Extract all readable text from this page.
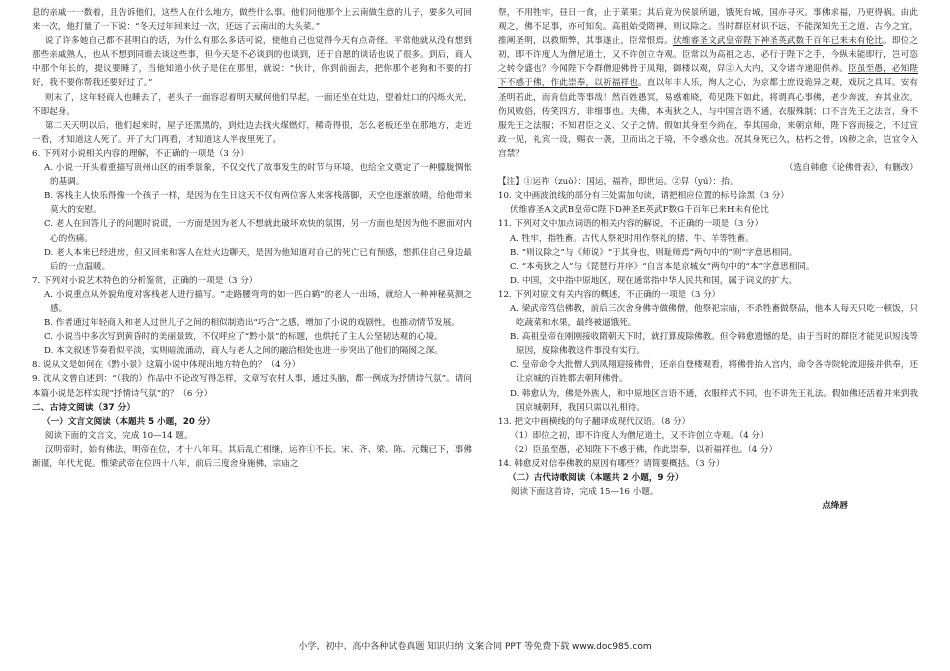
息的亲戚一一数着，且告诉他们，这些人在什么地方，做些什么事。他们问他那个上云南做生意的儿子，要多久可回来一次，他打量了一下说：“冬天过年回来过一次，还远了云南出的大头菜。”

说了许多她自己都不甚明白的话，为什么有那么多话可说，使他自己也觉得今天有点奇怪。平常他就从没有想到那些亲戚熟人，也从不想到同谁去谈这些事，但今天是不必谈到的也谈到，还于自愿的谈话也说了很多。到后，商人中那个年长的，提议要睡了，当他知道小伙子是住在那里，就说：“伙计，你到前面去，把你那个老狗和不要的打好，我不要你帮我还要好过了。”

则末了，这年轻商人也睡去了，老头子一面容忍着明天赋何他们早起，一面还坐在灶边，望着灶口的闪烁火光，不即起身。

第二天天明以后，他们起来时，屋子还黑黑的，到灶边去找火煤燃灯，稀奇得很，怎么老板还坐在那地方，走近一看，才知道这人死了。开了大门再看，才知道这人半夜里死了。

6. 下列对小说相关内容的理解，不正确的一项是（3 分）

A. 小说一开头着重描写贵州山区的雨季景象，不仅交代了故事发生的时节与环境，也给全文奠定了一种朦胧惆怅的基调。

B. 客栈主人快乐得像一个孩子一样，是因为在生日这天不仅有两位客人来客栈落脚，天空也逐渐放晴，给他带来莫大的安慰。

C. 老人在回答儿子的问题时说谎，一方面是因为老人不想就此破坏欢快的氛围，另一方面也是因为他不愿面对内心的伤痛。

D. 老人本来已经进房，但又回来和客人在灶火边聊天，是因为他知道对自己的死亡已有预感，想抓住自己身边最后的一点温暖。

7. 下列对小说艺术特色的分析鉴赏，正确的一项是（3 分）

A. 小说重点从外貌角度对客栈老人进行描写。“走路腰弯弯的如一匹白鹤”的老人一出场，就给人一种神秘莫测之感。

B. 作者通过年轻商人和老人过世儿子之间的相似制造出“巧合”之感，增加了小说的戏剧性，也推动情节发展。

C. 小说当中多次写到黄昏时的美丽景致，不仅呼应了“黔小景”的标题，也烘托了主人公坚韧达观的心境。

D. 本文叙述节奏看似平淡，实则暗流涌动，商人与老人之间的融洽相处也进一步突出了他们的隔阂之深。

8. 说从文是如何在《黔小景》这篇小说中体现出地方特色的？（4 分）

9. 沈从文曾自述到：“（我的）作品中不论改写得怎样，文章写农村人事，通过头脑，都一例成为抒情诗气氛”。请问本篇小说是怎样实现“抒情诗气氛”的？（6 分）

二、古诗文阅读（37 分）

（一）文言文阅读（本题共 5 小题，20 分）

阅读下面的文言文，完成 10—14 题。

汉明帝时，始有佛法，明帝在位，才十八年耳。其后乱亡相继，运祚①不长。宋、齐、梁、陈、元魏已下，事佛渐谨，年代尤促。惟梁武帝在位四十八年，前后三度舍身施佛，宗庙之

祭，不用牲牢，昼日一食，止于菜果；其后竟为侯景所逼，饿死台城，国亦寻灭。事佛求福，乃更得祸。由此观之，佛不足事，亦可知矣。高祖始受隋禅，则议除之。当时群臣材识不远，不能深知先王之道、古今之宜，推阐圣明，以救斯弊，其事遂止，臣常恨焉。伏维睿圣文武皇帝陛下神圣英武数千百年已来未有伦比。即位之初，即不许度人为僧尼道士，又不许创立寺观。臣常以为高祖之志，必行于陛下之手，今纵未能即行，岂可恣之转令盛也？今闻陛下令群僧迎佛骨于凤翔，御楼以观，舁②入大内，又令诸寺递迎供养。臣虽至愚，必知陛下不惑于佛，作此崇奉，以祈福祥也。直以年丰人乐，徇人之心，为京都士庶设诡异之观，戏玩之具耳。安有圣明若此，而肯信此等事哉！然百姓愚冥，易惑难晓，苟见陛下如此，将谓真心事佛，老少奔波，弃其业次。伤风败俗，传笑四方，非细事也。夫佛，本夷狄之人，与中国言语不通，衣服殊制；口不言先王之法言，身不服先王之法服；不知君臣之义、父子之情。假如其身至今尚在，奉其国命，来朝京师，陛下容而接之，不过宣政一见，礼宾一设，赐衣一袭，卫而出之于境，不令惑众也。况其身死已久，枯朽之骨，凶秽之余，岂宜令入宫禁？

（选自韩愈《论佛骨表》，有删改）

【注】①运祚（zuò）：国运，福祚，即世运。②舁（yú）：抬。

10. 文中画波浪线的部分有三处需加句读，请把相应位置的标号涂黑（3 分）

伏维睿圣A文武B皇帝C陛下D神圣E英武F数G千百年已来H未有伦比

11. 下列对文中加点词语的相关内容的解说，不正确的一项是（3 分）

A. 牲牢，指牲畜。古代人祭祀时用作祭礼的猪、牛、羊等牲畜。

B. “则议除之”与《师说》“于其身也，则耻师焉”两句中的“则”字意思相同。

C. “本夷狄之人”与《琵琶行并序》“自言本是京城女”两句中的“本”字意思相同。

D. 中国，文中指中原地区，现在通常指中华人民共和国，属于词义的扩大。

12. 下列对原文有关内容的概述，不正确的一项是（3 分）

A. 梁武帝笃信佛教，前后三次舍身佛寺做佛僧，他祭祀宗庙，不杀牲畜做祭品，他本人每天只吃一顿饭，只吃蔬菜和水果，最终被逼饿死。

B. 高祖皇帝在刚刚接收隋朝天下时，就打算废除佛教。但令韩愈遗憾的是，由于当时的群臣才能见识短浅等原因，废除佛教这件事没有实行。

C. 皇帝命令大批僧人到凤翔迎接佛骨，还亲自登楼观看，将佛骨抬入宫内，命令各寺院轮流迎接并供奉，还让京城的百姓都去朝拜佛骨。

D. 韩愈认为，佛是外族人，和中原地区言语不通，衣服样式不同，也不讲先王礼法。假如佛还活着并来到我国京城朝拜，我国只需以礼相待。

13. 把文中画横线的句子翻译成现代汉语。（8 分）

（1）即位之初，即不许度人为僧尼道士，又不许创立寺观。（4 分）

（2）臣虽至愚，必知陛下不惑于佛，作此崇奉，以祈福祥也。（4 分）

14. 韩愈反对信奉佛教的原因有哪些？请简要概括。（3 分）

（二）古代诗歌阅读（本题共 2 小题，9 分）

阅读下面这首诗，完成 15—16 小题。

点绛唇

小学、初中、高中各种试卷真题 知识归纳 文案合同 PPT 等免费下载 www.doc985.com
